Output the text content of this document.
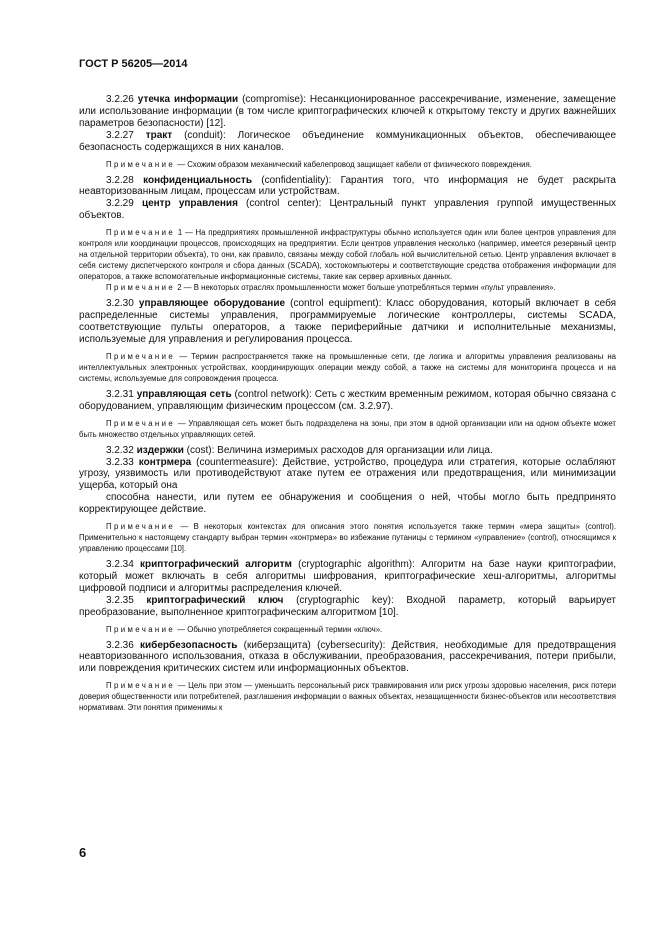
ГОСТ Р 56205—2014

3.2.26 утечка информации (compromise): Несанкционированное рассекречивание, изменение, замещение или использование информации (в том числе криптографических ключей к открытому тексту и других важнейших параметров безопасности) [12].

3.2.27 тракт (conduit): Логическое объединение коммуникационных объектов, обеспечивающее безопасность содержащихся в них каналов.

Примечание — Схожим образом механический кабелепровод защищает кабели от физического повреждения.

3.2.28 конфиденциальность (confidentiality): Гарантия того, что информация не будет раскрыта неавторизованным лицам, процессам или устройствам.

3.2.29 центр управления (control center): Центральный пункт управления группой имущественных объектов.

Примечание 1 — На предприятиях промышленной инфраструктуры обычно используется один или более центров управления для контроля или координации процессов, происходящих на предприятии. Если центров управления несколько (например, имеется резервный центр на отдельной территории объекта), то они, как правило, связаны между собой глобаль ной вычислительной сетью. Центр управления включает в себя систему диспетчерского контроля и сбора данных (SCADA), хостокомпьютеры и соответствующие средства отображения информации для операторов, а также вспомогательные информационные системы, такие как сервер архивных данных.

Примечание 2 — В некоторых отраслях промышленности может больше употребляться термин «пульт управления».

3.2.30 управляющее оборудование (control equipment): Класс оборудования, который включает в себя распределенные системы управления, программируемые логические контроллеры, системы SCADA, соответствующие пульты операторов, а также периферийные датчики и исполнительные механизмы, используемые для управления и регулирования процесса.

Примечание — Термин распространяется также на промышленные сети, где логика и алгоритмы управления реализованы на интеллектуальных электронных устройствах, координирующих операции между собой, а также на системы для мониторинга процесса и на системы, используемые для сопровождения процесса.

3.2.31 управляющая сеть (control network): Сеть с жестким временным режимом, которая обычно связана с оборудованием, управляющим физическим процессом (см. 3.2.97).

Примечание — Управляющая сеть может быть подразделена на зоны, при этом в одной организации или на одном объекте может быть множество отдельных управляющих сетей.

3.2.32 издержки (cost): Величина измеримых расходов для организации или лица.

3.2.33 контрмера (countermeasure): Действие, устройство, процедура или стратегия, которые ослабляют угрозу, уязвимость или противодействуют атаке путем ее отражения или предотвращения, или минимизации ущерба, который она

способна нанести, или путем ее обнаружения и сообщения о ней, чтобы могло быть предпринято корректирующее действие.

Примечание — В некоторых контекстах для описания этого понятия используется также термин «мера защиты» (control). Применительно к настоящему стандарту выбран термин «контрмера» во избежание путаницы с термином «управление» (control), относящимся к управлению процессами [10].

3.2.34 криптографический алгоритм (cryptographic algorithm): Алгоритм на базе науки криптографии, который может включать в себя алгоритмы шифрования, криптографические хеш-алгоритмы, алгоритмы цифровой подписи и алгоритмы распределения ключей.

3.2.35 криптографический ключ (cryptographic key): Входной параметр, который варьирует преобразование, выполненное криптографическим алгоритмом [10].

Примечание — Обычно употребляется сокращенный термин «ключ».

3.2.36 кибербезопасность (киберзащита) (cybersecurity): Действия, необходимые для предотвращения неавторизованного использования, отказа в обслуживании, преобразования, рассекречивания, потери прибыли, или повреждения критических систем или информационных объектов.

Примечание — Цель при этом — уменьшить персональный риск травмирования или риск угрозы здоровью населения, риск потери доверия общественности или потребителей, разглашения информации о важных объектах, незащищенности бизнес-объектов или несоответствия нормативам. Эти понятия применимы к

6
